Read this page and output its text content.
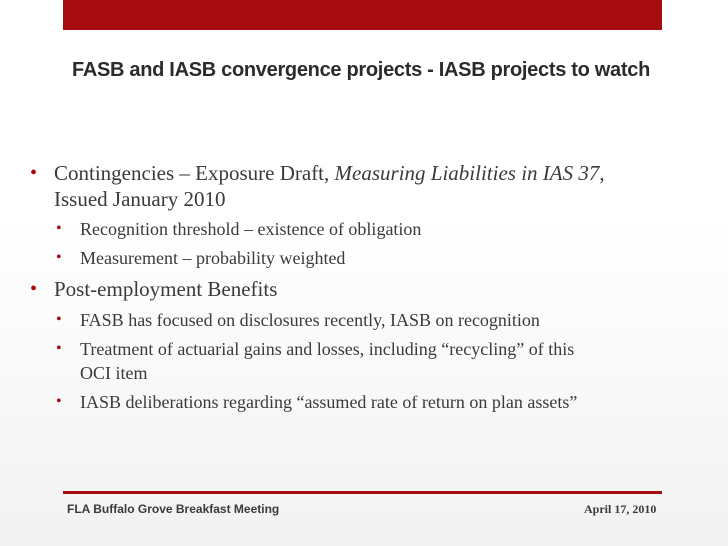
FASB and IASB convergence projects - IASB projects to watch
• Contingencies – Exposure Draft, Measuring Liabilities in IAS 37,
Issued January 2010
• Recognition threshold – existence of obligation
• Measurement – probability weighted
• Post-employment Benefits
• FASB has focused on disclosures recently, IASB on recognition
• Treatment of actuarial gains and losses, including “recycling” of this
OCI item
• IASB deliberations regarding “assumed rate of return on plan assets”
FLA Buffalo Grove Breakfast Meeting	April 17, 2010
